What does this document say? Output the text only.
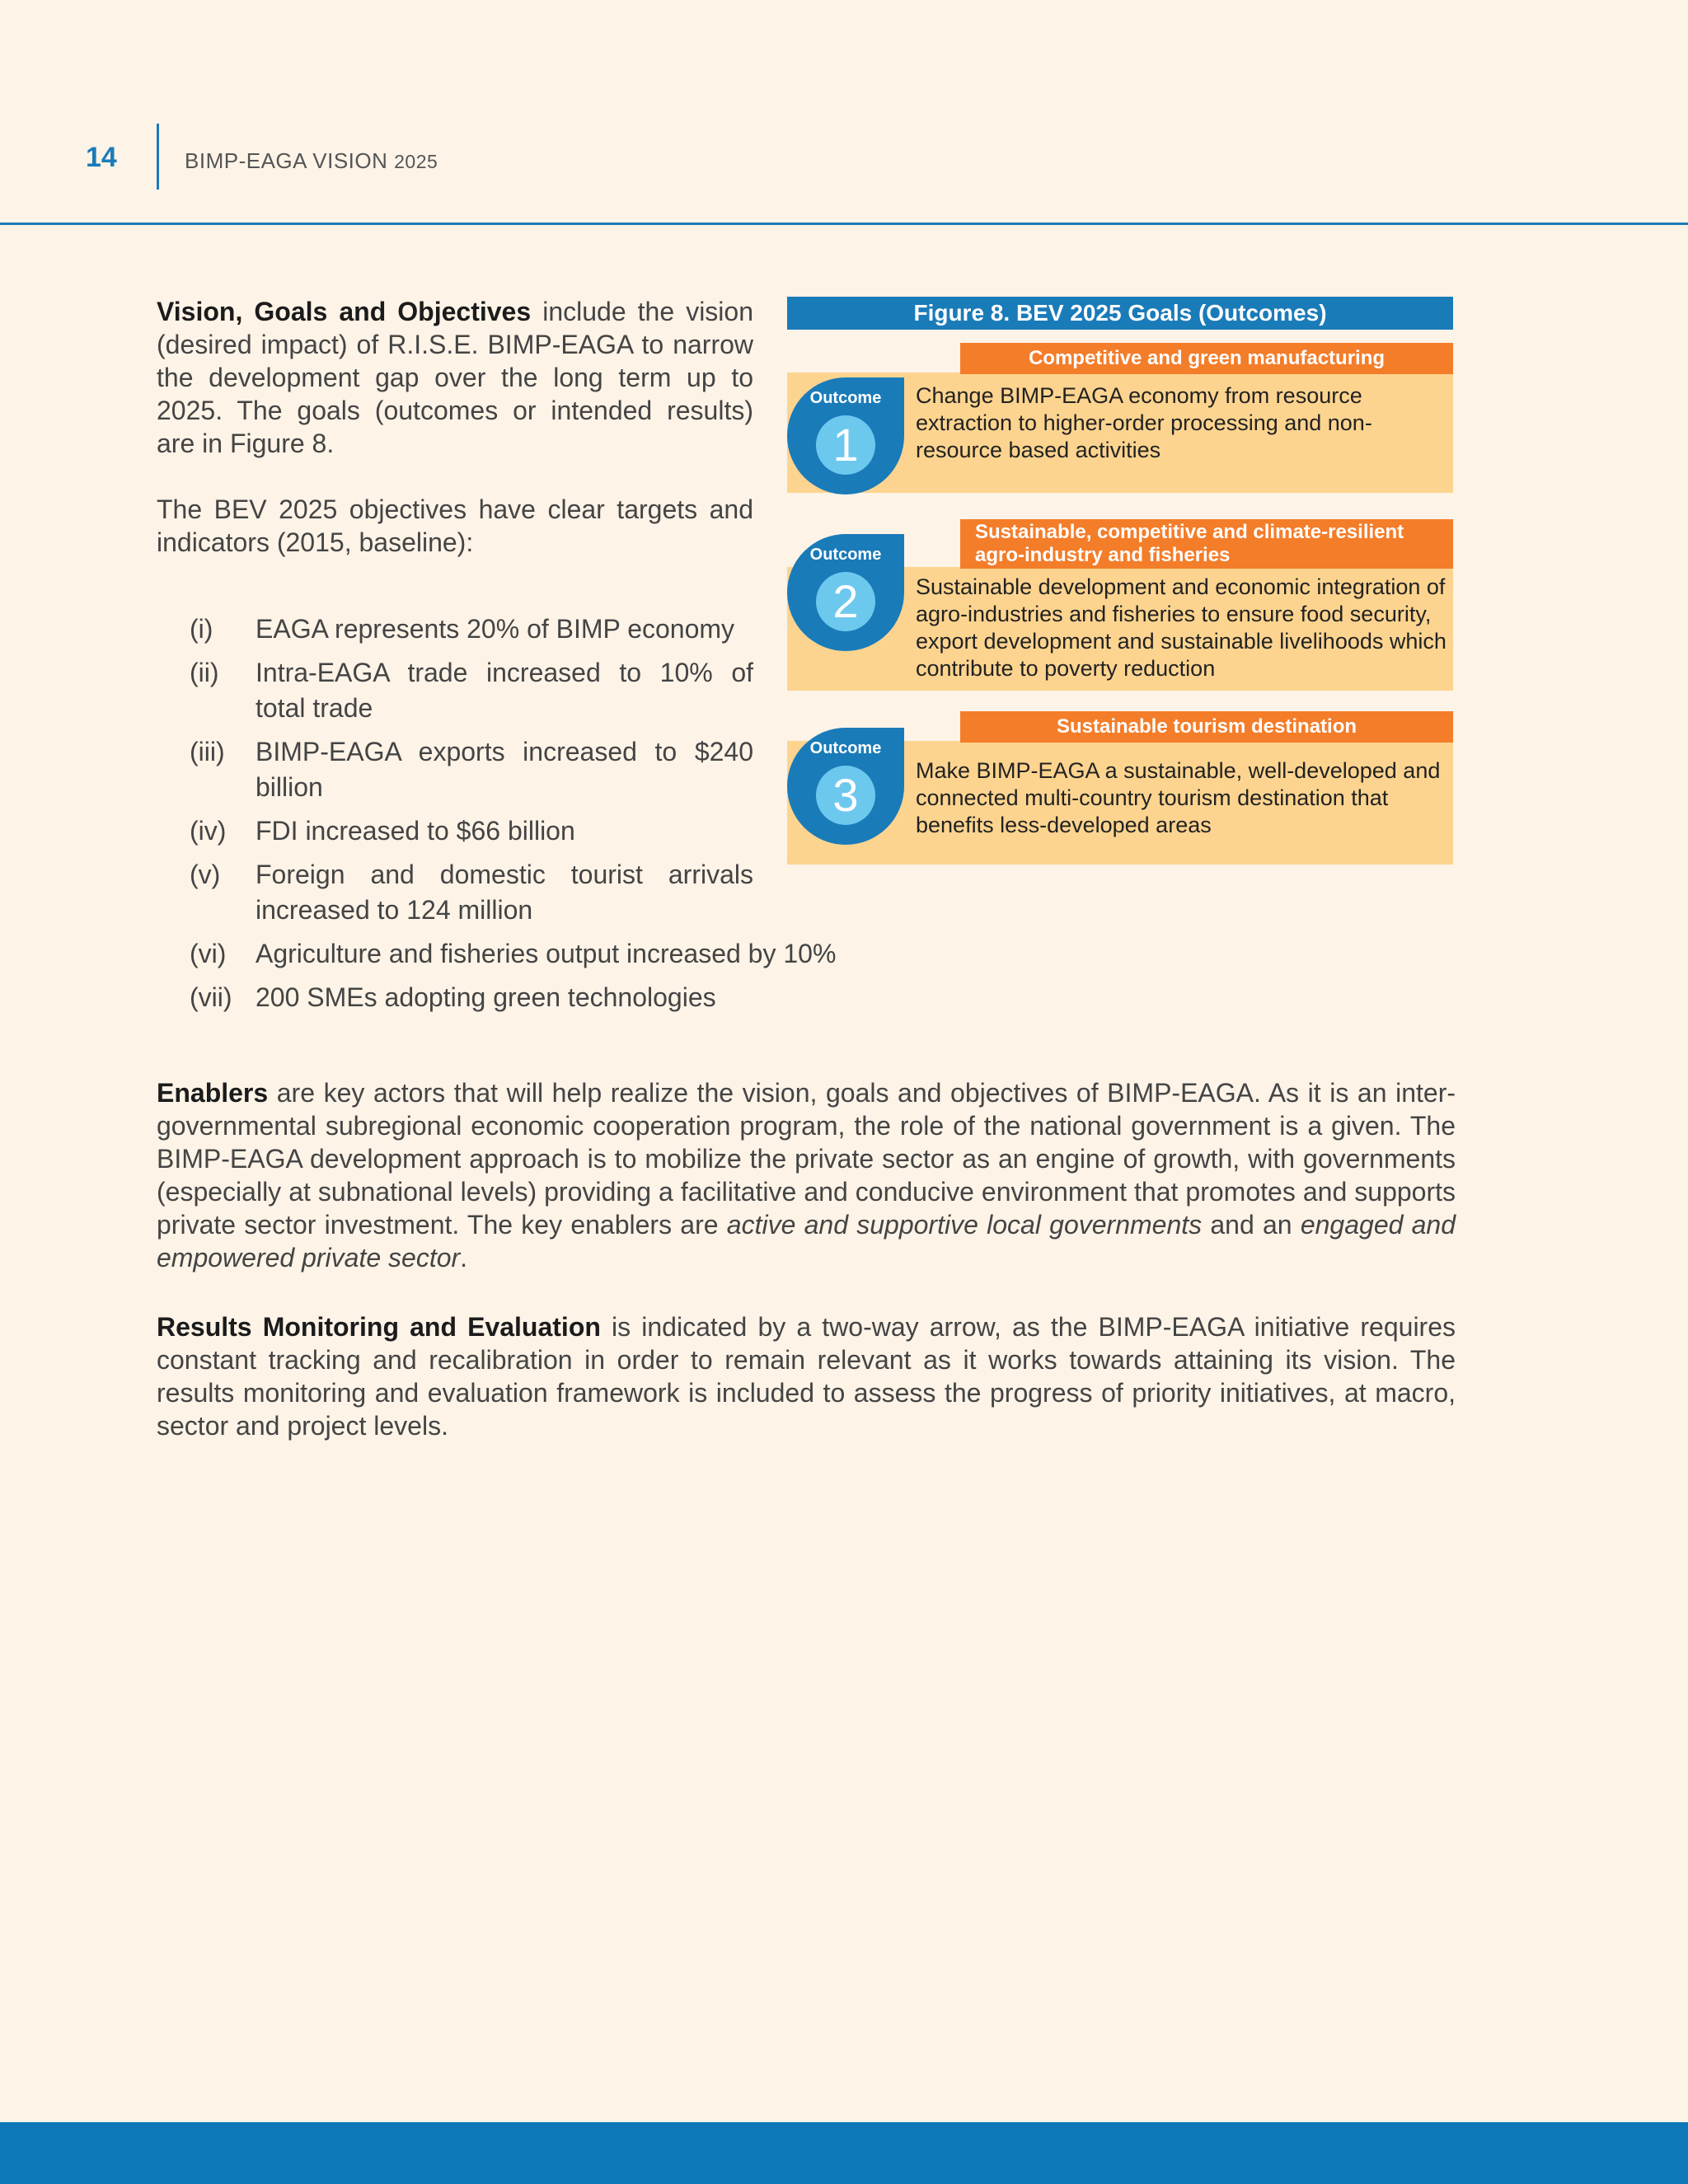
14	BIMP-EAGA VISION 2025

Vision, Goals and Objectives include the vision (desired impact) of R.I.S.E. BIMP-EAGA to narrow the development gap over the long term up to 2025. The goals (outcomes or intended results) are in Figure 8.

The BEV 2025 objectives have clear targets and indicators (2015, baseline):

(i) EAGA represents 20% of BIMP economy
(ii) Intra-EAGA trade increased to 10% of total trade
(iii) BIMP-EAGA exports increased to $240 billion
(iv) FDI increased to $66 billion
(v) Foreign and domestic tourist arrivals increased to 124 million
(vi) Agriculture and fisheries output increased by 10%
(vii) 200 SMEs adopting green technologies
Figure 8. BEV 2025 Goals (Outcomes)
Competitive and green manufacturing
Outcome
1
Change BIMP-EAGA economy from resource extraction to higher-order processing and non-resource based activities
Sustainable, competitive and climate-resilient agro-industry and fisheries
Outcome
2	Sustainable development and economic integration of agro-industries and fisheries to ensure food security, export development and sustainable livelihoods which contribute to poverty reduction
Sustainable tourism destination
Outcome
3	Make BIMP-EAGA a sustainable, well-developed and connected multi-country tourism destination that benefits less-developed areas

Enablers are key actors that will help realize the vision, goals and objectives of BIMP-EAGA. As it is an inter-governmental subregional economic cooperation program, the role of the national government is a given. The BIMP-EAGA development approach is to mobilize the private sector as an engine of growth, with governments (especially at subnational levels) providing a facilitative and conducive environment that promotes and supports private sector investment. The key enablers are active and supportive local governments and an engaged and empowered private sector.

Results Monitoring and Evaluation is indicated by a two-way arrow, as the BIMP-EAGA initiative requires constant tracking and recalibration in order to remain relevant as it works towards attaining its vision. The results monitoring and evaluation framework is included to assess the progress of priority initiatives, at macro, sector and project levels.
